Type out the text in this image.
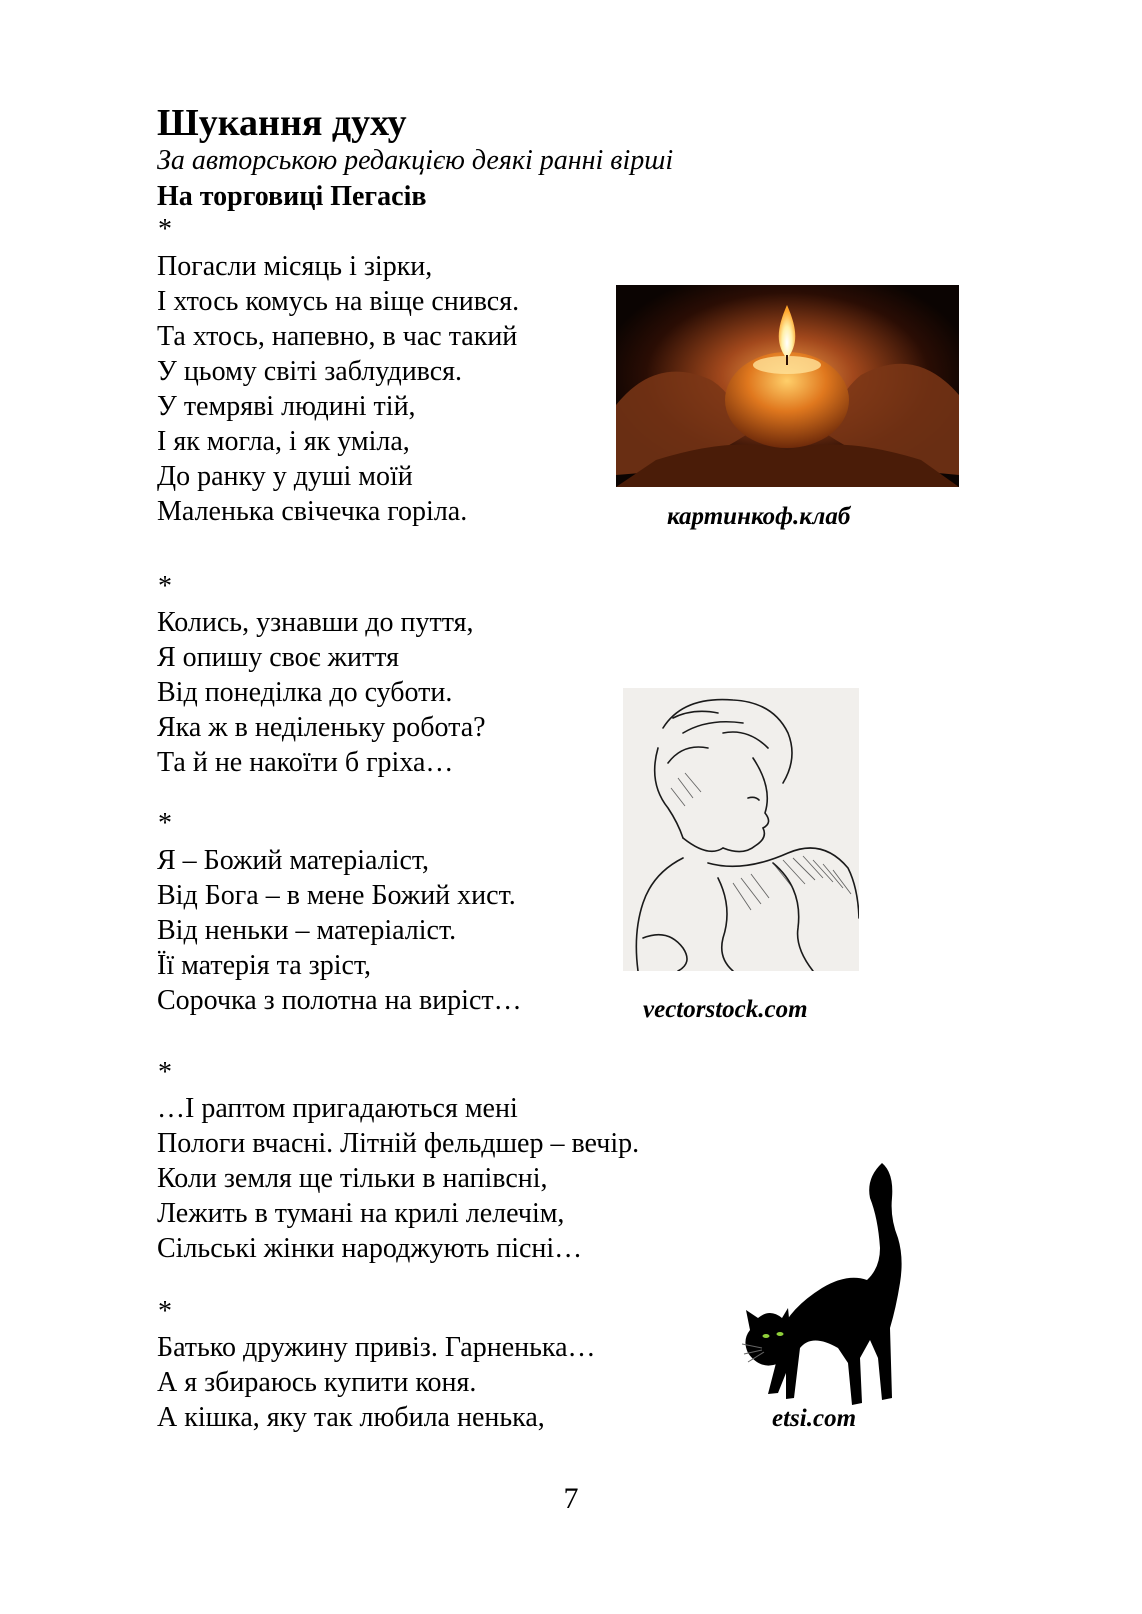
Шукання духу
За авторською редакцією деякі ранні вірші
На торговиці Пегасів
*
Погасли місяць і зірки,
І хтось комусь на віще снився.
Та хтось, напевно, в час такий
У цьому світі заблудився.
У темряві людині тій,
І як могла, і як уміла,
До ранку у душі моїй
Маленька свічечка горіла.	картинкоф.клаб
*
Колись, узнавши до пуття,
Я опишу своє життя
Від понеділка до суботи.
Яка ж в неділеньку робота?
Та й не накоїти б гріха…
*
Я – Божий матеріаліст,
Від Бога – в мене Божий хист.
Від неньки – матеріаліст.
Її матерія та зріст,
Сорочка з полотна на виріст…	vectorstock.com
*
…І раптом пригадаються мені
Пологи вчасні. Літній фельдшер – вечір.
Коли земля ще тільки в напівсні,
Лежить в тумані на крилі лелечім,
Сільські жінки народжують пісні…
*
Батько дружину привіз. Гарненька…
А я збираюсь купити коня.
А кішка, яку так любила ненька,	etsi.com
7
